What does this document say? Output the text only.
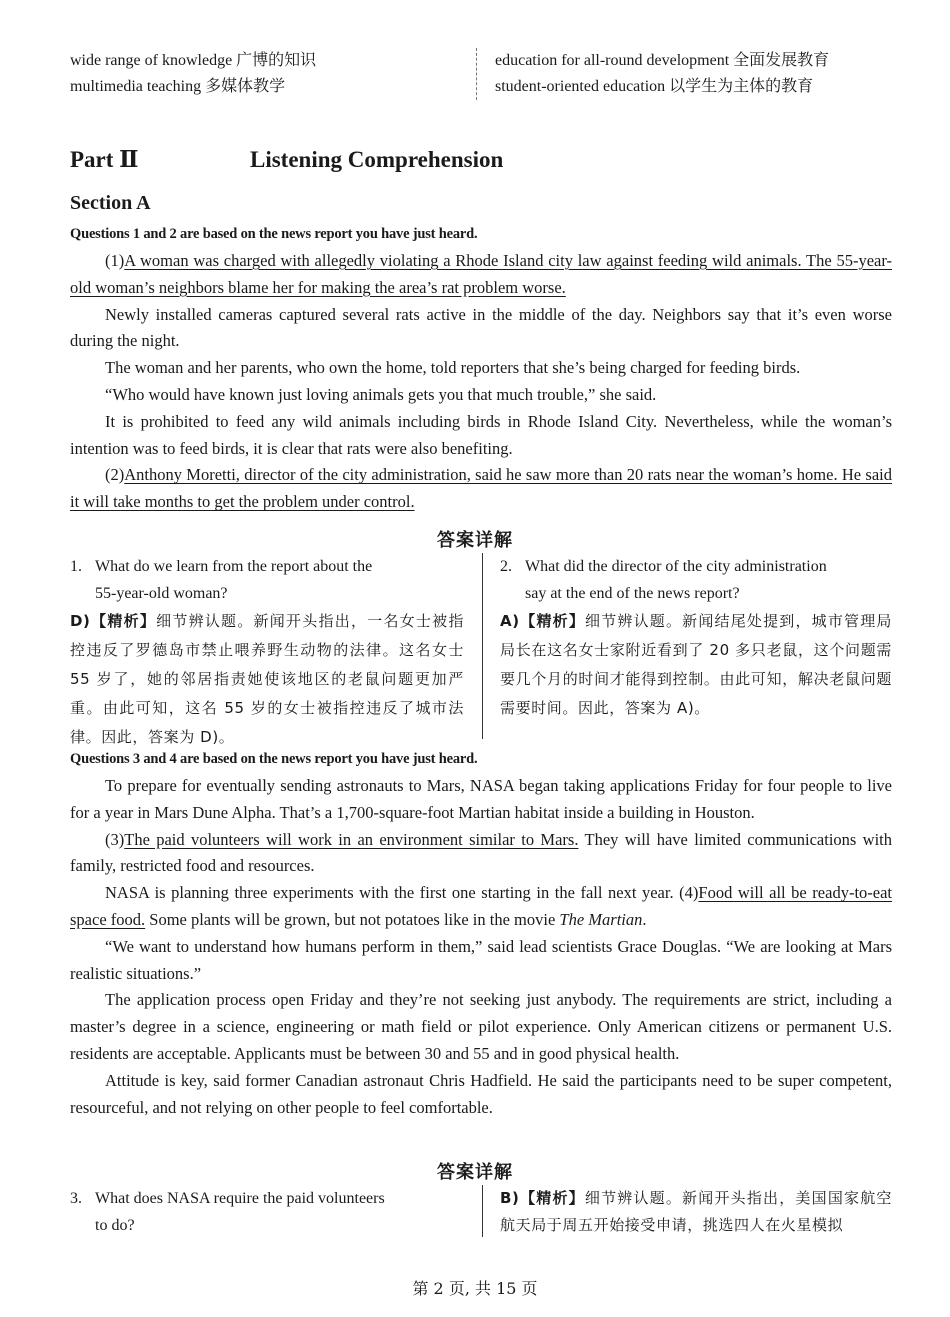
wide range of knowledge 广博的知识
multimedia teaching 多媒体教学
education for all-round development 全面发展教育
student-oriented education 以学生为主体的教育
Part Ⅱ	Listening Comprehension
Section A
Questions 1 and 2 are based on the news report you have just heard.

(1)A woman was charged with allegedly violating a Rhode Island city law against feeding wild animals. The 55-year-old woman’s neighbors blame her for making the area’s rat problem worse.

Newly installed cameras captured several rats active in the middle of the day. Neighbors say that it’s even worse during the night.

The woman and her parents, who own the home, told reporters that she’s being charged for feeding birds.

“Who would have known just loving animals gets you that much trouble,” she said.

It is prohibited to feed any wild animals including birds in Rhode Island City. Nevertheless, while the woman’s intention was to feed birds, it is clear that rats were also benefiting.

(2)Anthony Moretti, director of the city administration, said he saw more than 20 rats near the woman’s home. He said it will take months to get the problem under control.

答案详解
1. What do we learn from the report about the
55-year-old woman?
D)【精析】细节辨认题。新闻开头指出，一名女士被指控违反了罗德岛市禁止喂养野生动物的法律。这名女士 55 岁了，她的邻居指责她使该地区的老鼠问题更加严重。由此可知，这名 55 岁的女士被指控违反了城市法律。因此，答案为 D)。
2. What did the director of the city administration
say at the end of the news report?
A)【精析】细节辨认题。新闻结尾处提到，城市管理局局长在这名女士家附近看到了 20 多只老鼠，这个问题需要几个月的时间才能得到控制。由此可知，解决老鼠问题需要时间。因此，答案为 A)。
Questions 3 and 4 are based on the news report you have just heard.

To prepare for eventually sending astronauts to Mars, NASA began taking applications Friday for four people to live for a year in Mars Dune Alpha. That’s a 1,700-square-foot Martian habitat inside a building in Houston.

(3)The paid volunteers will work in an environment similar to Mars. They will have limited communications with family, restricted food and resources.

NASA is planning three experiments with the first one starting in the fall next year. (4)Food will all be ready-to-eat space food. Some plants will be grown, but not potatoes like in the movie The Martian.

“We want to understand how humans perform in them,” said lead scientists Grace Douglas. “We are looking at Mars realistic situations.”

The application process open Friday and they’re not seeking just anybody. The requirements are strict, including a master’s degree in a science, engineering or math field or pilot experience. Only American citizens or permanent U.S. residents are acceptable. Applicants must be between 30 and 55 and in good physical health.

Attitude is key, said former Canadian astronaut Chris Hadfield. He said the participants need to be super competent, resourceful, and not relying on other people to feel comfortable.

答案详解
3. What does NASA require the paid volunteers
to do?
B)【精析】细节辨认题。新闻开头指出，美国国家航空航天局于周五开始接受申请，挑选四人在火星模拟
第 2 页, 共 15 页
